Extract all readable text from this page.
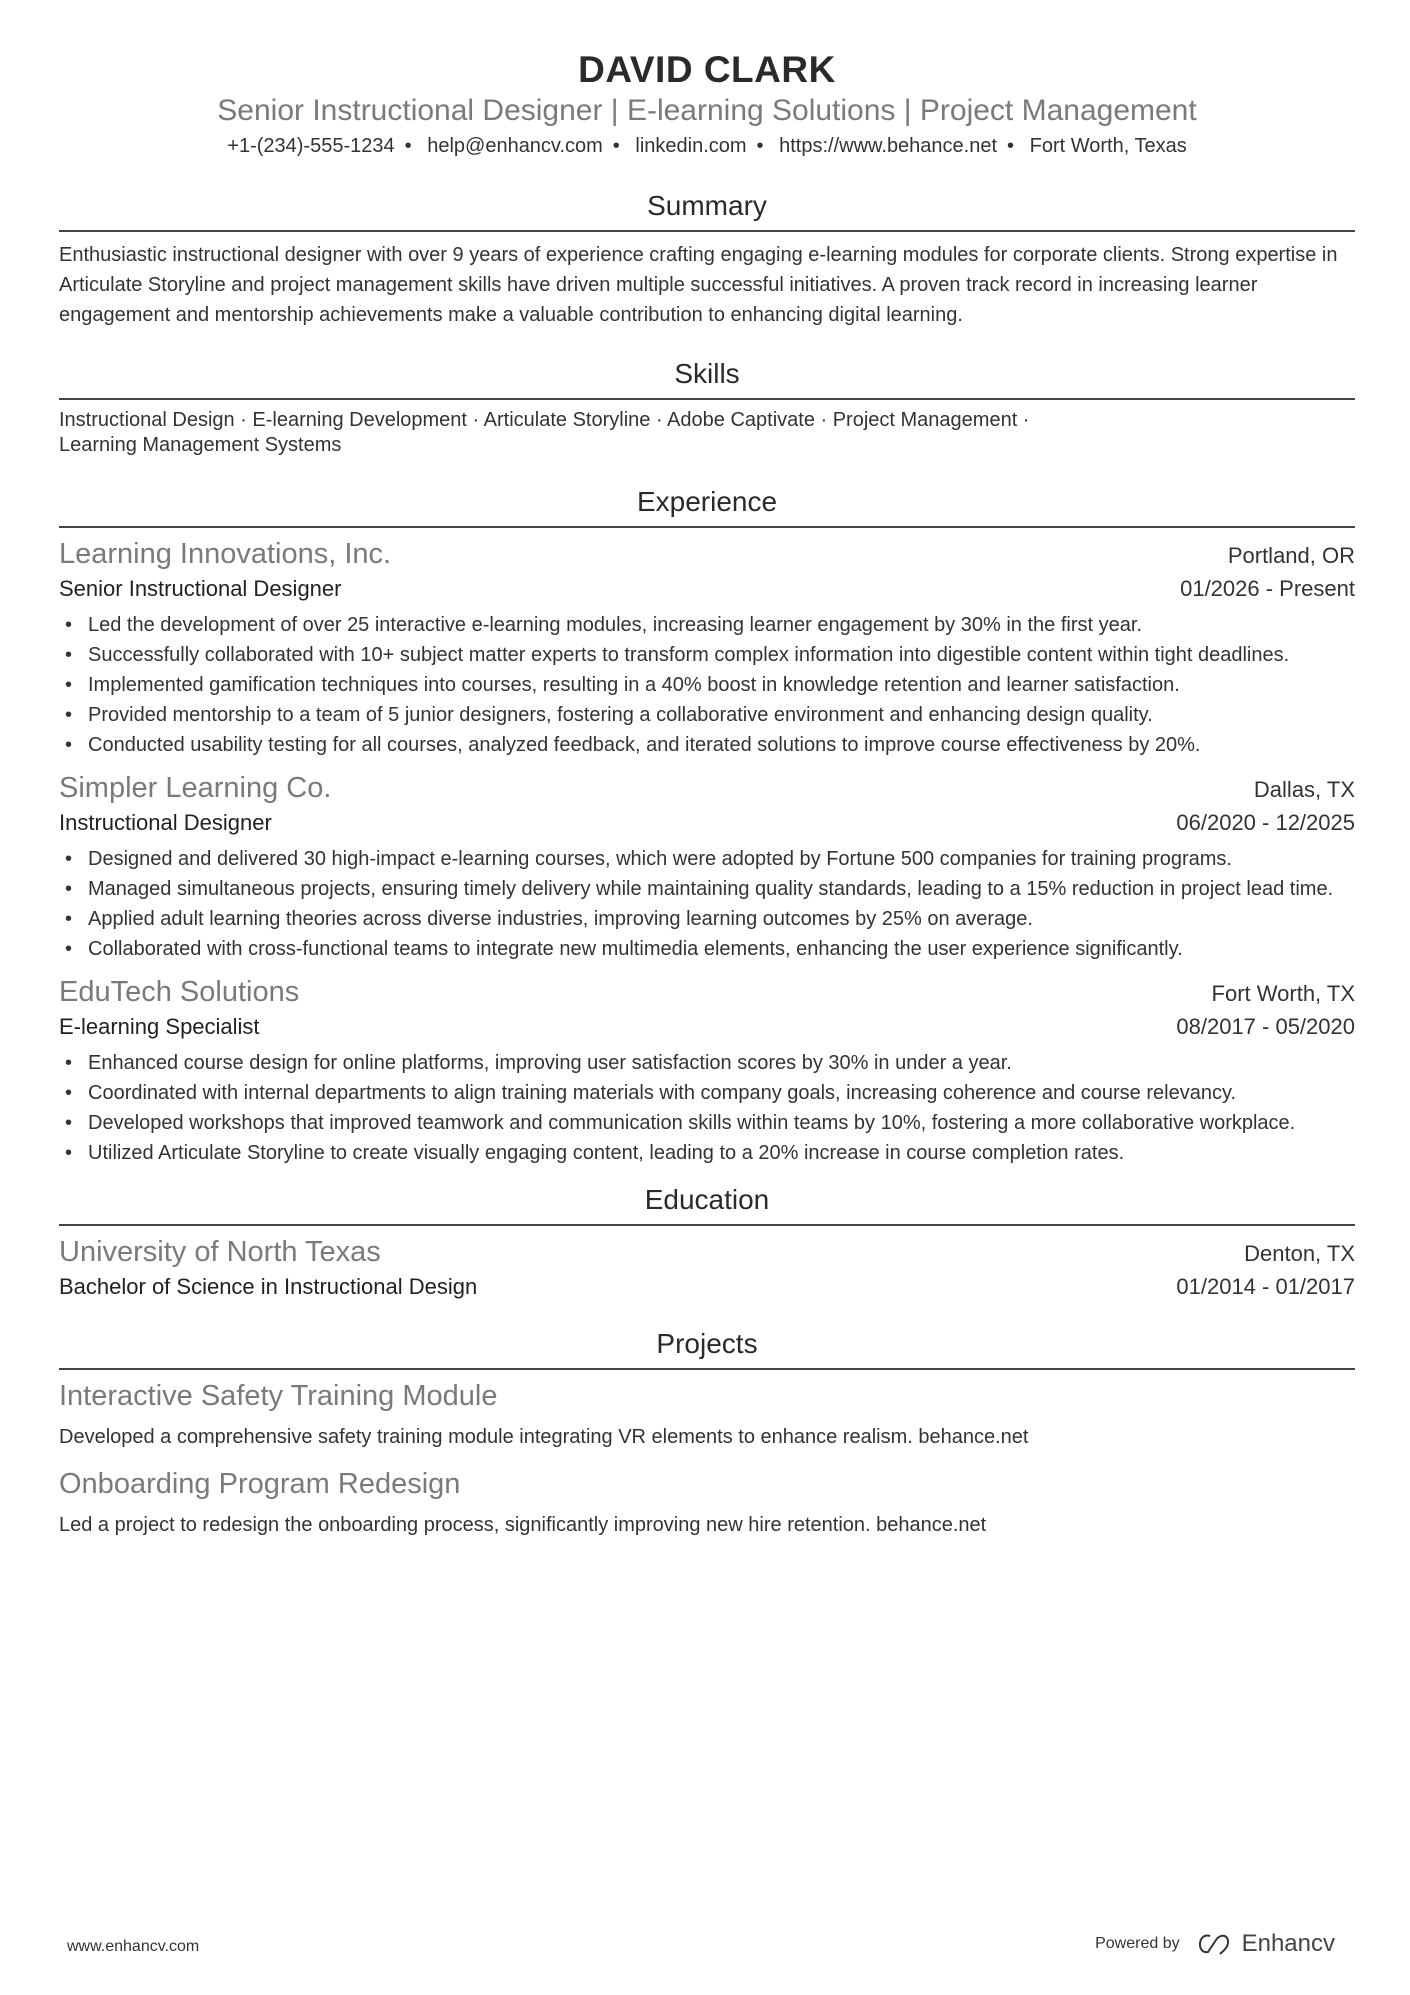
DAVID CLARK
Senior Instructional Designer | E-learning Solutions | Project Management
+1-(234)-555-1234 • help@enhancv.com • linkedin.com • https://www.behance.net • Fort Worth, Texas
Summary
Enthusiastic instructional designer with over 9 years of experience crafting engaging e-learning modules for corporate clients. Strong expertise in Articulate Storyline and project management skills have driven multiple successful initiatives. A proven track record in increasing learner engagement and mentorship achievements make a valuable contribution to enhancing digital learning.
Skills
Instructional Design · E-learning Development · Articulate Storyline · Adobe Captivate · Project Management ·
Learning Management Systems
Experience
Learning Innovations, Inc.	Portland, OR
Senior Instructional Designer	01/2026 - Present
• Led the development of over 25 interactive e-learning modules, increasing learner engagement by 30% in the first year.
• Successfully collaborated with 10+ subject matter experts to transform complex information into digestible content within tight deadlines.
• Implemented gamification techniques into courses, resulting in a 40% boost in knowledge retention and learner satisfaction.
• Provided mentorship to a team of 5 junior designers, fostering a collaborative environment and enhancing design quality.
• Conducted usability testing for all courses, analyzed feedback, and iterated solutions to improve course effectiveness by 20%.
Simpler Learning Co.	Dallas, TX
Instructional Designer	06/2020 - 12/2025
• Designed and delivered 30 high-impact e-learning courses, which were adopted by Fortune 500 companies for training programs.
• Managed simultaneous projects, ensuring timely delivery while maintaining quality standards, leading to a 15% reduction in project lead time.
• Applied adult learning theories across diverse industries, improving learning outcomes by 25% on average.
• Collaborated with cross-functional teams to integrate new multimedia elements, enhancing the user experience significantly.
EduTech Solutions	Fort Worth, TX
E-learning Specialist	08/2017 - 05/2020
• Enhanced course design for online platforms, improving user satisfaction scores by 30% in under a year.
• Coordinated with internal departments to align training materials with company goals, increasing coherence and course relevancy.
• Developed workshops that improved teamwork and communication skills within teams by 10%, fostering a more collaborative workplace.
• Utilized Articulate Storyline to create visually engaging content, leading to a 20% increase in course completion rates.
Education
University of North Texas	Denton, TX
Bachelor of Science in Instructional Design	01/2014 - 01/2017
Projects
Interactive Safety Training Module
Developed a comprehensive safety training module integrating VR elements to enhance realism. behance.net
Onboarding Program Redesign
Led a project to redesign the onboarding process, significantly improving new hire retention. behance.net
www.enhancv.com	Powered by	Enhancv
